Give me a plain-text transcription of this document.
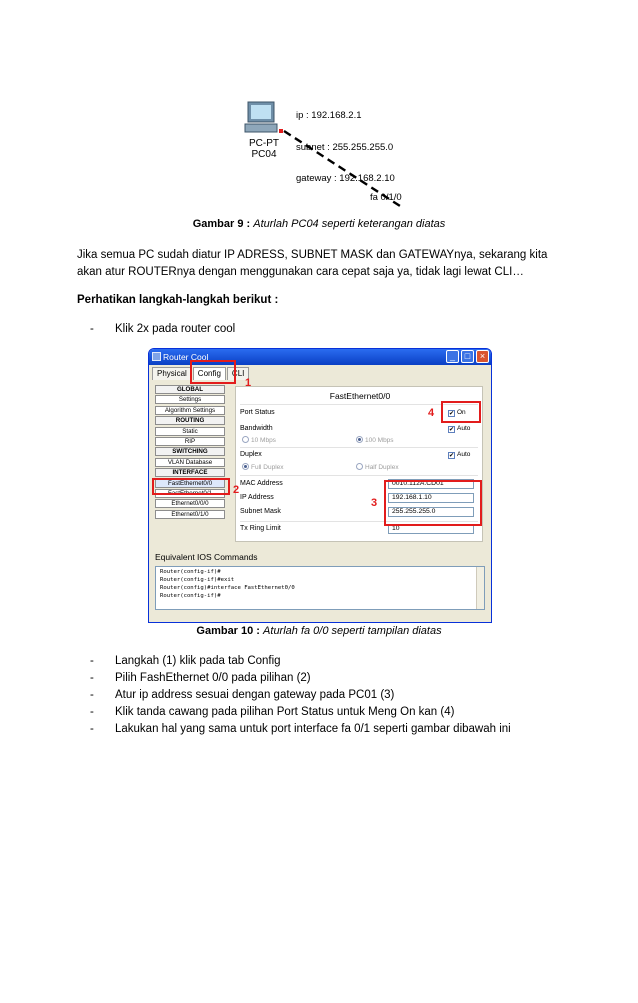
PC-PT
PC04

ip : 192.168.2.1

subnet : 255.255.255.0

gateway : 192.168.2.10

fa 0/1/0
Gambar 9 : Aturlah PC04 seperti keterangan diatas
Jika semua PC sudah diatur IP ADRESS, SUBNET MASK dan GATEWAYnya, sekarang kita akan atur ROUTERnya dengan menggunakan cara cepat saja ya, tidak lagi lewat CLI…
Perhatikan langkah-langkah berikut :
- Klik 2x pada router cool
Router Cool	_	□	×
Physical	Config	CLI
GLOBAL
Settings
Algorithm Settings
ROUTING
Static
RIP
SWITCHING
VLAN Database
INTERFACE
FastEthernet0/0
FastEthernet0/1
Ethernet0/0/0
Ethernet0/1/0
FastEthernet0/0
Port Status	✔ On
Bandwidth	✔ Auto
10 Mbps	100 Mbps
Duplex	✔ Auto
Full Duplex	Half Duplex
MAC Address	0010.112A.CD01
IP Address	192.168.1.10
Subnet Mask	255.255.255.0
Tx Ring Limit	10
Equivalent IOS Commands
Router(config-if)#
Router(config-if)#exit
Router(config)#interface FastEthernet0/0
Router(config-if)#
1
2
3
4
Gambar 10 : Aturlah fa 0/0 seperti tampilan diatas
- Langkah (1) klik pada tab Config
- Pilih FashEthernet 0/0 pada pilihan (2)
- Atur ip address sesuai dengan gateway pada PC01 (3)
- Klik tanda cawang pada pilihan Port Status untuk Meng On kan (4)
- Lakukan hal yang sama untuk port interface fa 0/1 seperti gambar dibawah ini
